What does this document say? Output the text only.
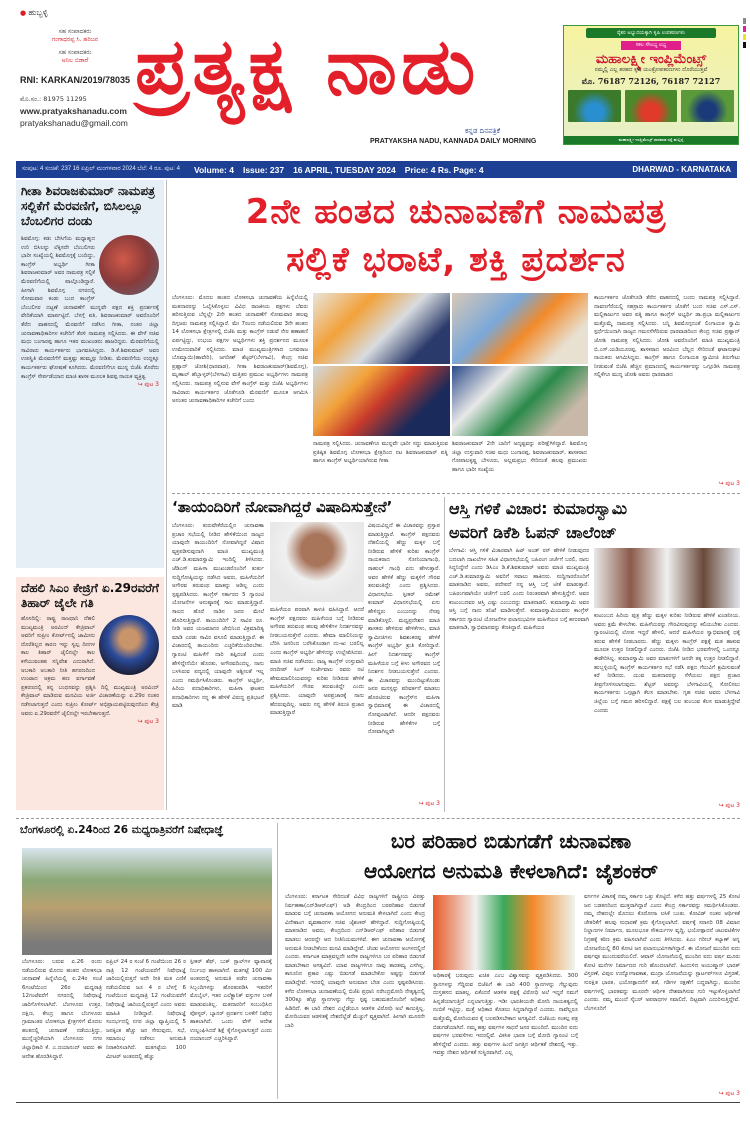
● ಹುಬ್ಬಳ್ಳಿ
ಸಹ ಸಂಪಾದಕರು
ಗಂಗಾಧರಪ್ಪ ಸಿ. ಹರಿಜನ
ಸಹ ಸಂಪಾದಕರು
ಅನಿಲ ಬಿಡಾರೆ
RNI: KARKAN/2019/78035
ಮೊ.ಸಂ.: 81975 11295
www.pratyakshanadu.com
pratyakshanadu@gmail.com
ಪ್ರತ್ಯಕ್ಷ ನಾಡು
ಕನ್ನಡ ದಿನಪತ್ರಿಕೆ
PRATYAKSHA NADU, KANNADA DAILY MORNING
ರೈತರ ಅಭ್ಯುದಯಕ್ಕಾಗಿ ಕೃಷಿ ಉಪಕರಣಗಳು
ಸಕಲ ಸೌಲಭ್ಯ ಲಭ್ಯ
ಮಹಾಲಕ್ಷ್ಮೀ ಇಂಪ್ಲಿಮೆಂಟ್ಸ್
ನಮ್ಮಲ್ಲಿ ಎಲ್ಲ ತರಹದ ಕೃಷಿ ಯಂತ್ರೋಪಕರಣಗಳು ದೊರೆಯುತ್ತವೆ
ಮೊ. 76187 72126, 76187 72127
ಮಹಾಲಕ್ಷ್ಮೀ ಇಂಪ್ಲಿಮೆಂಟ್ಸ್ ಧಾರವಾಡ ರಸ್ತೆ ಹುಬ್ಬಳ್ಳಿ
ಸಂಪುಟ: 4 ಸಂಚಿಕೆ: 237 16 ಏಪ್ರಿಲ್ ಮಂಗಳವಾರ 2024 ಬೆಲೆ: 4 ರೂ. ಪುಟ: 4 Volume: 4 Issue: 237 16 APRIL, TUESDAY 2024 Price: 4 Rs. Page: 4	DHARWAD - KARNATAKA
ಗೀತಾ ಶಿವರಾಜಕುಮಾರ್ ನಾಮಪತ್ರ ಸಲ್ಲಿಕೆಗೆ ಮೆರವಣಿಗೆ, ಬಿಸಿಲಲ್ಲೂ ಬೆಂಬಲಿಗರ ದಂಡು
ಶಿವಮೊಗ್ಗ: ಕಡು ಬೇಸಿಗೆಯ ಮಧ್ಯಾಹ್ನದ ಉರಿ ಬಿಸಿಲನ್ನು ಲೆಕ್ಕಿಸದೇ ಬೆಂಬಲಿಗರು ಭಾರೀ ಸಂಖ್ಯೆಯಲ್ಲಿ ಶಿವಮೊಗ್ಗಕ್ಕೆ ಬಂದಿದ್ದು, ಕಾಂಗ್ರೆಸ್ ಅಭ್ಯರ್ಥಿ ಗೀತಾ ಶಿವರಾಜಕುಮಾರ್ ಅವರ ನಾಮಪತ್ರ ಸಲ್ಲಿಕೆ ಮೆರವಣಿಗೆಯಲ್ಲಿ ಪಾಲ್ಗೊಂಡಿದ್ದಾರೆ. ಹೀಗಾಗಿ ಶಿವಮೊಗ್ಗ ನಗರದಲ್ಲಿ ಸೋಮವಾರ ಕಂಡು ಬಂದ ಕಾಂಗ್ರೆಸ್ ಬೆಂಬಲಿಗರ ದಟ್ಟಣೆ ಚುನಾವಣೆಗೆ ಮುನ್ನವೇ ಪಕ್ಷದ ಶಕ್ತಿ ಪ್ರದರ್ಶನಕ್ಕೆ ವೇದಿಕೆಯಾಗಿ ಮಾರ್ಪಟ್ಟಿದೆ. ಬೆಳಗ್ಗೆ ಪತಿ, ಶಿವರಾಜಕುಮಾರ್ ಅವರೊಂದಿಗೆ ತೆರೆದ ವಾಹನದಲ್ಲಿ ಮೆರವಣಿಗೆ ನಡೆಸಿದ ಗೀತಾ, ನಂತರ ಜಿಲ್ಲಾ ಚುನಾವಣಾಧಿಕಾರಿಗಳ ಕಚೇರಿಗೆ ತೆರಳಿ ನಾಮಪತ್ರ ಸಲ್ಲಿಸಿದರು. ಈ ವೇಳೆ ಸಚಿವ ಮಧು ಬಂಗಾರಪ್ಪ ಹಾಗೂ ಇತರ ಮುಖಂಡರು ಹಾಜರಿದ್ದರು. ಮೆರವಣಿಗೆಯಲ್ಲಿ ಸಾವಿರಾರು ಕಾರ್ಯಕರ್ತರು ಭಾಗವಹಿಸಿದ್ದರು. ಡಿ.ಕೆ.ಶಿವಕುಮಾರ್ ಅವರ ಉಪಸ್ಥಿತಿ ಮೆರವಣಿಗೆಗೆ ಮತ್ತಷ್ಟು ಹುಮ್ಮಸ್ಸು ನೀಡಿತು. ಮೆರವಣಿಗೆಯ ಉದ್ದಕ್ಕೂ ಕಾರ್ಯಕರ್ತರು ಘೋಷಣೆ ಕೂಗಿದರು. ಮೆರವಣಿಗೆಗೂ ಮುನ್ನ ಬಿಜೆಪಿ ತೊರೆದು ಕಾಂಗ್ರೆಸ್ ಸೇರ್ಪಡೆಯಾದ ಮಾಜಿ ಶಾಸಕ ಮೂಲಕ ಶಿವಪ್ಪ ನಾಯಕ ವ್ಯಕ್ತಿತ್ವ
↪ ಪುಟ 3
ದೆಹಲಿ ಸಿಎಂ ಕೇಜ್ರಿಗೆ ಏ.29ರವರೆಗೆ ತಿಹಾರ್ ಜೈಲೇ ಗತಿ
ಹೊಸದಿಲ್ಲಿ: ರಾಷ್ಟ್ರ ರಾಜಧಾನಿ ದೆಹಲಿ ಮುಖ್ಯಮಂತ್ರಿ ಅರವಿಂದ್ ಕೇಜ್ರಿವಾಲ್ ಅವರಿಗೆ ಸುಪ್ರೀಂ ಕೋರ್ಟ್‌ನಲ್ಲಿ ಜಾಮೀನು ದೊರೆತಿಲ್ಲದ ಕಾರಣ ಇನ್ನು ಸ್ವಲ್ಪ ದಿನಗಳ ಕಾಲ ತಿಹಾರ್ ಜೈಲಿನಲ್ಲೇ ಕಾಲ ಕಳೆಯುವಂತಹ ಸನ್ನಿವೇಶ ಎದುರಾಗಿದೆ. ಅಬಕಾರಿ ಅಬಕಾರಿ ನೀತಿ ಹಗರಣದಿಂದ ಉಂಟಾದ ಅಕ್ರಮ ಹಣ ವರ್ಗಾವಣೆ ಪ್ರಕರಣದಲ್ಲಿ ತನ್ನ ಬಂಧನವನ್ನು ಪ್ರಶ್ನಿಸಿ ದಿಲ್ಲಿ ಮುಖ್ಯಮಂತ್ರಿ ಅರವಿಂದ್ ಕೇಜ್ರಿವಾಲ್ ಮಾಡಿರುವ ಮನವಿಯ ಅರ್ಜಿ ವಿಚಾರಣೆಯನ್ನು ಏ.29ರ ನಂತರ ನಡೆಸಲಾಗುತ್ತದೆ ಎಂದು ಸುಪ್ರೀಂ ಕೋರ್ಟ್ ಅಭಿಪ್ರಾಯಪಟ್ಟಿರುವುದರಿಂದ ಕೇಜ್ರಿ ಅವರು ಏ.29ರವರೆಗೆ ಜೈಲಿನಲ್ಲೇ ಇರಬೇಕಾಗುತ್ತದೆ.
↪ ಪುಟ 3
2ನೇ ಹಂತದ ಚುನಾವಣೆಗೆ ನಾಮಪತ್ರ
ಸಲ್ಲಿಕೆ ಭರಾಟೆ, ಶಕ್ತಿ ಪ್ರದರ್ಶನ
ಬೆಂಗಳೂರು: ಮೊದಲ ಹಂತದ ಲೋಕಸಭಾ ಚುನಾವಣೆಯ ಹಿನ್ನೆಲೆಯಲ್ಲಿ ಮತದಾರರನ್ನು ಓಲೈಸಿಕೊಳ್ಳಲು ವಿವಿಧ ರಾಜಕೀಯ ಪಕ್ಷಗಳು ಬೆವರು ಹರಿಸುತ್ತಿರುವ ಬೆನ್ನಲ್ಲೇ 2ನೇ ಹಂತದ ಚುನಾವಣೆಗೆ ಸೋಮವಾರ ಹಲವು ದಿಗ್ಗಜರು ನಾಮಪತ್ರ ಸಲ್ಲಿಸಿದ್ದಾರೆ. ಮೇ 7ರಂದು ನಡೆಯಲಿರುವ 3ನೇ ಹಂತದ 14 ಲೋಕಸಭಾ ಕ್ಷೇತ್ರಗಳಲ್ಲಿ ಬಿಜೆಪಿ ಮತ್ತು ಕಾಂಗ್ರೆಸ್ ನಡುವೆ ನೇರ ಹಣಾಹಣಿ ಏರ್ಪಟ್ಟಿದ್ದು, ಉಭಯ ಪಕ್ಷಗಳ ಅಭ್ಯರ್ಥಿಗಳು ಶಕ್ತಿ ಪ್ರದರ್ಶನದ ಮೂಲಕ ಉಮೇದುವಾರಿಕೆ ಸಲ್ಲಿಸಿದರು. ಮಾಜಿ ಮುಖ್ಯಮಂತ್ರಿಗಳಾದ ಬಸವರಾಜ ಬೊಮ್ಮಾಯಿ(ಹಾವೇರಿ), ಜಗದೀಶ್ ಶೆಟ್ಟರ್(ಬೆಳಗಾವಿ), ಕೇಂದ್ರ ಸಚಿವ ಪ್ರಹ್ಲಾದ್ ಜೋಶಿ(ಧಾರವಾಡ), ಗೀತಾ ಶಿವರಾಜಕುಮಾರ್(ಶಿವಮೊಗ್ಗ), ಮೃಣಾಲ್ ಹೆಬ್ಬಾಳ್ಕರ್(ಬೆಳಗಾವಿ) ಮತ್ತಿತರ ಪ್ರಮುಖ ಅಭ್ಯರ್ಥಿಗಳು ನಾಮಪತ್ರ ಸಲ್ಲಿಸಿದರು. ನಾಮಪತ್ರ ಸಲ್ಲಿಸುವ ವೇಳೆ ಕಾಂಗ್ರೆಸ್ ಮತ್ತು ಬಿಜೆಪಿ ಅಭ್ಯರ್ಥಿಗಳು ಸಾವಿರಾರು ಕಾರ್ಯಕರ್ತರ ಜೊತೆಗೂಡಿ ಮೆರವಣಿಗೆ ಮೂಲಕ ಆಗಮಿಸಿ ಅನಂತರ ಚುನಾವಣಾಧಿಕಾರಿಗಳ ಕಚೇರಿಗೆ ಬಂದು
ನಾಮಪತ್ರ ಸಲ್ಲಿಸಿದರು. ಚುನಾವಣೆಗೂ ಮುನ್ನವೇ ಭಾರೀ ಸದ್ದು ಮಾಡುತ್ತಿರುವ ಪ್ರತಿಷ್ಠಿತ ಶಿವಮೊಗ್ಗ ಲೋಕಸಭಾ ಕ್ಷೇತ್ರದಿಂದ ನಟ ಶಿವರಾಜಕುಮಾರ್ ಪತ್ನಿ ಹಾಗೂ ಕಾಂಗ್ರೆಸ್ ಅಭ್ಯರ್ಥಿಯಾಗಿರುವ ಗೀತಾ
ಶಿವರಾಜಕುಮಾರ್ 2ನೇ ಬಾರಿಗೆ ಅದೃಷ್ಟವನ್ನು ಪರೀಕ್ಷೆಗಿಳಿದ್ದಾರೆ. ಶಿವಮೊಗ್ಗ ಜಿಲ್ಲಾ ಉಸ್ತುವಾರಿ ಸಚಿವ ಮಧು ಬಂಗಾರಪ್ಪ, ಶಿವರಾಜಕುಮಾರ್, ಶಾಸಕರಾದ ಗೋಪಾಲಕೃಷ್ಣ ಬೇಳೂರು, ಅಲ್ಲಮಪ್ರಭು ಸೇರಿದಂತೆ ಹಲವು ಪ್ರಮುಖರು ಹಾಗೂ ಭಾರೀ ಸಂಖ್ಯೆಯ
ಕಾರ್ಯಕರ್ತರ ಜೊತೆಗೂಡಿ ತೆರೆದ ವಾಹನದಲ್ಲಿ ಬಂದು ನಾಮಪತ್ರ ಸಲ್ಲಿಸಿದ್ದಾರೆ. ದಾವಣಗೆರೆಯಲ್ಲಿ ಸಹಸ್ರಾರು ಕಾರ್ಯಕರ್ತರ ಜೊತೆಗೆ ಬಂದ ಸಚಿವ ಎಸ್.ಎಸ್. ಮಲ್ಲಿಕಾರ್ಜುನ ಅವರ ಪತ್ನಿ ಹಾಗೂ ಕಾಂಗ್ರೆಸ್ ಅಭ್ಯರ್ಥಿ ಡಾ.ಪ್ರಭಾ ಮಲ್ಲಿಕಾರ್ಜುನ ಮತ್ತೊಮ್ಮೆ ನಾಮಪತ್ರ ಸಲ್ಲಿಸಿದರು. ಬನ್ನಿ ಶಿವಮೊಗ್ಗದಂತೆ ಲಿಂಗಾಯತ ಸ್ವಾಮಿ ಸ್ಪರ್ಧೆಯಿಂದಾಗಿ ರಾಜ್ಯದ ಗಮನಸೆಳೆದಿರುವ ಧಾರವಾಡದಿಂದ ಕೇಂದ್ರ ಸಚಿವ ಪ್ರಹ್ಲಾದ್ ಜೋಶಿ ನಾಮಪತ್ರ ಸಲ್ಲಿಸಿದರು. ಜೋಶಿ ಅವರೊಂದಿಗೆ ಮಾಜಿ ಮುಖ್ಯಮಂತ್ರಿ ಬಿ.ಎಸ್.ಯಡಿಯೂರಪ್ಪ, ಶಾಸಕರಾದ ಅರವಿಂದ ಬೆಲ್ಲದ ಸೇರಿದಂತೆ ಘಟಾನುಘಟಿ ನಾಯಕರು ಆಗಮಿಸಿದ್ದರು. ಕಾಂಗ್ರೆಸ್ ಹಾಗೂ ಲಿಂಗಾಯತ ಸ್ವಾಮೀಜಿ ತಿರುಗೇಟು ನೀಡುವಂತೆ ಬಿಜೆಪಿ ಹೆಚ್ಚಿನ ಪ್ರಮಾಣದಲ್ಲಿ ಕಾರ್ಯಕರ್ತರನ್ನು ಒಗ್ಗೂಡಿಸಿ ನಾಮಪತ್ರ ಸಲ್ಲಿಕೆಗೂ ಮುನ್ನ ಜೋಶಿ ಅವರು ಧಾರವಾಡದ
↪ ಪುಟ 3
‘ತಾಯಂದಿರಿಗೆ ನೋವಾಗಿದ್ದರೆ ವಿಷಾದಿಸುತ್ತೇನೆ’
ಬೆಂಗಳೂರು: ತುರುವೇಕೆರೆಯಲ್ಲಿನ ಚುನಾವಣಾ ಪ್ರಚಾರ ಸಭೆಯಲ್ಲಿ ನೀಡಿದ ಹೇಳಿಕೆಯಿಂದ ರಾಜ್ಯದ ಯಾವುದೇ ತಾಯಂದಿರಿಗೆ ನೋವಾಗಿದ್ದರೆ ವಿಷಾದ ವ್ಯಕ್ತಪಡಿಸುವುದಾಗಿ ಮಾಜಿ ಮುಖ್ಯಮಂತ್ರಿ ಎಚ್.ಡಿ.ಕುಮಾರಸ್ವಾಮಿ ಇಂದಿಲ್ಲಿ ತಿಳಿಸಿದರು. ಜೆಡಿಎಸ್ ಮಹಿಳಾ ಮುಖಂಡರೊಂದಿಗೆ ತುರ್ತು ಸುದ್ದಿಗೋಷ್ಠಿಯನ್ನು ನಡೆಸಿದ ಅವರು, ಮಹಿಳೆಯರಿಗೆ ಅಗೌರವ ತರುವಂಥ ಮಾತನ್ನು ಆಡಿಲ್ಲ ಎಂದು ಸ್ಪಷ್ಟಪಡಿಸಿದರು. ಕಾಂಗ್ರೆಸ್ ಸರ್ಕಾರದ 5 ಗ್ಯಾರಂಟಿ ಯೋಜನೆಗಳ ಅನುಷ್ಠಾನಕ್ಕೆ ಸಾಲ ಮಾಡುತ್ತಿದ್ದಾರೆ. ಸಾಲದ ಹೊರೆ ನಾಡಿನ ಜನರ ಮೇಲೆ ಹೊರಿಸುತ್ತಿದ್ದಾರೆ. ತಾಯಂದಿರಿಗೆ 2 ಸಾವಿರ ರೂ. ನೀಡಿ ಅವರ ಯಜಮಾನರ ಜೇಬಿನಿಂದ ವಿಕ್ರಮಾದಿತ್ಯ ಮಾಡಿ ಎರಡು ಸಾವಿರ ವಸೂಲಿ ಮಾಡುತ್ತಿದ್ದಾರೆ. ಈ ವಿಚಾರದಲ್ಲಿ ತಾಯಂದಿರು ಎಚ್ಚರಿಕೆಯಿಂದಿರಬೇಕು. ಗ್ಯಾರಂಟಿ ಮಹಿಳೆಗೆ ದಾರಿ ತಪ್ಪಿದಂತೆ ಎಂದು ಹೇಳಿದ್ದೇನೆಯೇ ಹೊರತು, ಅಗೌರವದಿಂದಲ್ಲ. ನಾನು ಬಳಸಿರುವ ಪದ್ಯದಲ್ಲಿ ಯಾವುದೇ ಅಶ್ಲೀಲತೆ ಇಲ್ಲ ಎಂದು ಸಮರ್ಥಿಸಿಕೊಂಡರು. ಕಾಂಗ್ರೆಸ್ ಅಭ್ಯರ್ಥಿ, ಹಿರಿಯ ಪದಾಧಿಕಾರಿಗಳು, ಮಹಿಳಾ ಘಟಕದ ಪದಾಧಿಕಾರಿಗಳು ನನ್ನ ಈ ಹೇಳಿಕೆ ವಿರುದ್ಧ ಪ್ರತಿಭಟನೆ ಮಾಡಿ
ಮಹಿಳೆಯರ ಪರವಾಗಿ ಕಾಳಜಿ ವಹಿಸಿದ್ದಾರೆ. ಆದರೆ ಕಾಂಗ್ರೆಸ್ ಪಕ್ಷದವರು ಮಹಿಳೆಯರ ಬಗ್ಗೆ ನೀಡಿರುವ ಅಗೌರವ ತರುವಂಥ ಹಲವು ಹೇಳಿಕೆಗಳ ನಿದರ್ಶನವನ್ನು ನೀಡಬಯಸುತ್ತೇನೆ ಎಂದರು. ಹೇಮಾ ಮಾಲಿನಿಯನ್ನು ಬೆರಿಸಿ ಜನರಿಂದ ಬರೆಸಿಕೊಂಡಾಗ ದು-ಃಖ ಬರಲಿಲ್ಲ ಎಂದು ಕಾಂಗ್ರೆಸ್ ಅಭ್ಯರ್ಥಿ ಹೇಳಿದನ್ನು ಉಲ್ಲೇಖಿಸಿದರು. ಮಾಜಿ ಸಚಿವ ನಡೆಸಿದರು. ರಾಜ್ಯ ಕಾಂಗ್ರೆಸ್ ಉಸ್ತುವಾರಿ ರಣದೀಪ್ ಸಿಂಗ್ ಸುರ್ಜೇವಾಲ ರವರು ನಟಿ ಹೇಮಮಾಲಿನಿಯವರನ್ನು ಕುರಿತು ನೀಡಿರುವ ಹೇಳಿಕೆ ಮಹಿಳೆಯರಿಗೆ ಗೌರವ ತರುವಂತಿದ್ದೇ ಎಂದು ಪ್ರಶ್ನಿಸಿದರು. ಯಾವುದೇ ಅಪಪ್ರಚಾರಕ್ಕೆ ನಾನು ಹೆದರುವುದಿಲ್ಲ. ಅವರು ನನ್ನ ಹೇಳಿಕೆ ತಿರುಚಿ ಪ್ರಚಾರ ಮಾಡುತ್ತಿದ್ದಾರೆ
ವಿಷಯವಿಲ್ಲದೆ ಈ ವಿಚಾರವನ್ನು ಪ್ರಸ್ತಾಪ ಮಾಡುತ್ತಿದ್ದಾರೆ. ಕಾಂಗ್ರೆಸ್ ಪಕ್ಷದವರು ದೆಹಲಿಯಲ್ಲಿ ಹೆಣ್ಣು ಮಕ್ಕಳ ಬಗ್ಗೆ ನೀಡಿರುವ ಹೇಳಿಕೆ ಕುರಿತು ಕಾಂಗ್ರೆಸ್ ನಾಯಕರಾದ ಸೋನಿಯಾಗಾಂಧಿ, ರಾಹುಲ್ ಗಾಂಧಿ ಏನು ಹೇಳುತ್ತಾರೆ. ಅವರ ಹೇಳಿಕೆ ಹೆಣ್ಣು ಮಕ್ಕಳಿಗೆ ಗೌರವ ತರುವಂತಿದ್ದೇ ಎಂದು ಪ್ರಶ್ನಿಸಿದರು. ವಿಧಾನಸಭೆಯ ಸ್ಪೀಕರ್ ರಮೇಶ್ ಕುಮಾರ್ ವಿಧಾನಸಭೆಯಲ್ಲಿ ಏನು ಹೇಳಿದ್ದರು ಎಂಬುದನ್ನು ನೆನಪು ಮಾಡಿಕೊಳ್ಳಲಿ. ಮಧ್ಯಪ್ರದೇಶದ ಮಾಜಿ ಶಾಸಕರು ಹೇಳಿರುವ ಹೇಳಿಕೆಗಳು, ಮಾಜಿ ಸ್ವಾಮೀಜಿಗಳು ಶಿವಶಂಕರಪ್ಪ ಹೇಳಿಕೆ ಕಾಂಗ್ರೆಸ್ ಅಭ್ಯರ್ಥಿ ಶ್ರುತಿ ಕೋರಿದ್ದಾರೆ. ಹೀಗೆ ನಿದರ್ಶನವನ್ನು ಕಾಂಗ್ರೆಸ್ ಮಹಿಳೆಯರ ಬಗ್ಗೆ ಕೀಳು ಅಗೌರವದ ಬಗ್ಗೆ ನಿದರ್ಶನ ನೀಡಬಯಸುತ್ತೇನೆ ಎಂದರು. ಈ ವಿಚಾರವನ್ನು ಮುಂದಿಟ್ಟುಕೊಂಡು ಜನರ ಮನಸ್ಸನ್ನು ಪರಿವರ್ತನೆ ಮಾಡಲು ಹೊರಟಿರುವ ಕಾಂಗ್ರೆಸ್‌ನ ಮಹಿಳಾ ಸ್ವಾಭಿಮಾನಕ್ಕೆ ಈ ವಿಚಾರದಲ್ಲಿ ನೋವುಂಟಾಗಿದೆ. ಆದರೀ ಪಕ್ಷದವರು ನೀಡಿರುವ ಹೇಳಿಕೆಗಳ ಬಗ್ಗೆ ನೋವಾಗಿಲ್ಲವೇ
↪ ಪುಟ 3
ಆಸ್ತಿ ಗಳಿಕೆ ವಿಚಾರ: ಕುಮಾರಸ್ವಾಮಿ
ಅವರಿಗೆ ಡಿಕೆಶಿ ಓಪನ್ ಚಾಲೆಂಜ್
ಬೆಳಗಾವಿ: ಆಸ್ತಿ ಗಳಿಕೆ ವಿಚಾರವಾಗಿ ಹಿಟ್ ಅಂಡ್ ರನ್ ಹೇಳಿಕೆ ನೀಡುವುದರ ಬದಲಾಗಿ ದಾಖಲೆಗಳ ಸಹಿತ ವಿಧಾನಸಭೆಯಲ್ಲಿ ಬಹಿರಂಗ ಚರ್ಚೆಗೆ ಬರಲಿ, ನಾನು ಸಿದ್ಧನಿದ್ದೇನೆ ಎಂದು ಡಿಸಿಎಂ ಡಿ.ಕೆ.ಶಿವಕುಮಾರ್ ಅವರು ಮಾಜಿ ಮುಖ್ಯಮಂತ್ರಿ ಎಚ್.ಡಿ.ಕುಮಾರಸ್ವಾಮಿ ಅವರಿಗೆ ಸವಾಲು ಹಾಕಿದರು. ಸುದ್ದಿಗಾರರೊಂದಿಗೆ ಮಾತನಾಡಿದ ಅವರು, ಪದೇಪದೆ ನನ್ನ ಆಸ್ತಿ ಬಗ್ಗೆ ಟೀಕೆ ಮಾಡುತ್ತಾರೆ. ಬಹಿರಂಗವಾಗಿಯೇ ಚರ್ಚೆಗೆ ಬರಲಿ ಎಂದು ನಿರಂತರವಾಗಿ ಹೇಳುತ್ತಿದ್ದೇನೆ. ಅವರ ಕುಟುಂಬದವರ ಆಸ್ತಿ ಎಷ್ಟು ಎಂಬುದನ್ನು ಮಾತನಾಡಲಿ. ಕುಮಾರಸ್ವಾಮಿ ಅವರ ಆಸ್ತಿ ಬಗ್ಗೆ ನಾನು ತನಿಖೆ ಮಾಡಿಸುತ್ತೇನೆ. ಕುಮಾರಸ್ವಾಮಿಯವರು ಕಾಂಗ್ರೆಸ್ ಸರ್ಕಾರದ ಗ್ಯಾರಂಟಿ ಯೋಜನೆಗಳ ಫಲಾನುಭವಿಗಳ ಮಹಿಳೆಯರ ಬಗ್ಗೆ ಹಗುರವಾಗಿ ಮಾತನಾಡಿ, ಸ್ವಾಭಿಮಾನವನ್ನು ಕೆಣಕಿದ್ದಾರೆ. ಮಹಿಳೆಯರ
ಕುಟುಂಬದ ಹಿರಿಯ ಪುತ್ರ ಹೆಣ್ಣು ಮಕ್ಕಳ ಕುರಿತು ನೀಡಿರುವ ಹೇಳಿಕೆ ಖಂಡನೀಯ. ಅವರು ಕ್ಷಮೆ ಕೇಳಬೇಕು. ಮಹಿಳೆಯರನ್ನು ಗೌರವಿಸುವುದನ್ನು ಕಲಿಯಬೇಕು ಎಂದರು. ಗ್ಯಾರಂಟಿಯಲ್ಲಿ ಲೋಪ ಇದ್ದರೆ ಹೇಳಲಿ, ಆದರೆ ಮಹಿಳೆಯರ ಸ್ವಾಭಿಮಾನಕ್ಕೆ ಧಕ್ಕೆ ತರುವ ಹೇಳಿಕೆ ನೀಡಬಾರದು. ಹೆಣ್ಣು ಮಕ್ಕಳು ಕಾಂಗ್ರೆಸ್ ಪಕ್ಷಕ್ಕೆ ಮತ ಹಾಕುವ ಮೂಲಕ ಉತ್ತರ ನೀಡಲಿದ್ದಾರೆ ಎಂದರು. ಬಿಜೆಪಿ ನೀಡಿದ ಭರವಸೆಗಳಲ್ಲಿ ಒಂದನ್ನೂ ಈಡೇರಿಸಿಲ್ಲ. ಕುಮಾರಸ್ವಾಮಿ ಅವರ ಮಾತುಗಳಿಗೆ ಜನರೇ ತಕ್ಕ ಉತ್ತರ ನೀಡಲಿದ್ದಾರೆ. ಹುಬ್ಬಳ್ಳಿಯಲ್ಲಿ ಕಾಂಗ್ರೆಸ್ ಕಾರ್ಯಕರ್ತರ ಸಭೆ ನಡೆಸಿ ಪಕ್ಷದ ಗೆಲುವಿಗೆ ಶ್ರಮಿಸುವಂತೆ ಕರೆ ನೀಡಿದರು. ಯುವ ಮತದಾರರನ್ನು ಸೆಳೆಯಲು ಪಕ್ಷದ ಪ್ರಚಾರ ತೀವ್ರಗೊಳಿಸಲಾಗುವುದು. ಶೆಟ್ಟರ್ ಅವರನ್ನು ಬೆಳಗಾವಿಯಲ್ಲಿ ಸೋಲಿಸಲು ಕಾರ್ಯಕರ್ತರು ಒಗ್ಗಟ್ಟಾಗಿ ಕೆಲಸ ಮಾಡಬೇಕು. ಗೃಹ ಸಚಿವ ಅವರು ಬೆಳಗಾವಿ ಜಿಲ್ಲೆಯ ಬಗ್ಗೆ ಗಮನ ಹರಿಸಲಿದ್ದಾರೆ. ಪಕ್ಷಕ್ಕೆ ಬಲ ತುಂಬುವ ಕೆಲಸ ಮಾಡುತ್ತಿದ್ದೇವೆ ಎಂದರು
↪ ಪುಟ 3
ಬೆಂಗಳೂರಲ್ಲಿ ಏ.24ರಿಂದ 26 ಮಧ್ಯರಾತ್ರಿವರೆಗೆ ನಿಷೇಧಾಜ್ಞೆ
ಬೆಂಗಳೂರು: ಬರುವ ಏ.26 ರಂದು ನಡೆಯಲಿರುವ ಮೊದಲ ಹಂತದ ಲೋಕಸಭಾ ಚುನಾವಣೆ ಹಿನ್ನೆಲೆಯಲ್ಲಿ ಏ.24ರ ಸಂಜೆ 6ಗಂಟೆಯಿಂದ 26ರ ಮಧ್ಯರಾತ್ರಿ 12ಗಂಟೆವರೆಗೆ ನಗರದಲ್ಲಿ ನಿಷೇಧಾಜ್ಞೆ ಜಾರಿಗೊಳಿಸಲಾಗಿದೆ. ಬೆಂಗಳೂರು ಉತ್ತರ, ದಕ್ಷಿಣ, ಕೇಂದ್ರ ಹಾಗೂ ಬೆಂಗಳೂರು ಗ್ರಾಮಾಂತರ ಲೋಕಸಭಾ ಕ್ಷೇತ್ರಗಳಿಗೆ ಮೊದಲ ಹಂತದಲ್ಲಿ ಚುನಾವಣೆ ನಡೆಯುತ್ತಿದ್ದು, ಮುನ್ನೆಚ್ಚರಿಕೆಯಾಗಿ ಬೆಂಗಳೂರು ನಗರ ಜಿಲ್ಲಾಧಿಕಾರಿ ಕೆ. ಎ.ದಯಾನಂದ್ ಅವರು ಈ ಆದೇಶ ಹೊರಡಿಸಿದ್ದಾರೆ.
ಏಪ್ರಿಲ್ 24 ರ ಸಂಜೆ 6 ಗಂಟೆಯಿಂದ 26 ರ ರಾತ್ರಿ 12 ಗಂಟೆಯವರೆಗೆ ನಿಷೇಧಾಜ್ಞೆ ಜಾರಿಯಲ್ಲಿರುತ್ತದೆ ಅದೇ ರೀತಿ ಮತ ಎಣಿಕೆ ನಡೆಯಲಿರುವ ಜೂ 4 ರ ಬೆಳಗ್ಗೆ 6 ಗಂಟೆಯಿಂದ ಮಧ್ಯರಾತ್ರಿ 12 ಗಂಟೆಯವರೆಗೆ ನಿಷೇಧಾಜ್ಞೆ ಜಾರಿಯಲ್ಲಿರುತ್ತದೆ ಎಂದು ಅವರು ಮಾಹಿತಿ ನೀಡಿದ್ದಾರೆ. ನಿಷೇಧಾಜ್ಞೆ ಸಂದರ್ಭದಲ್ಲಿ ನಗರ ಜಿಲ್ಲಾ ವ್ಯಾಪ್ತಿಯಲ್ಲಿ 5 ಜನಕ್ಕಿಂತ ಹೆಚ್ಚು ಜನ ಸೇರುವುದು, ಸಭೆ, ಸಮಾರಂಭ ನಡೆಸಲು ಅನುಮತಿ ನಿರಾಕರಿಸಲಾಗಿದೆ. ಮತಗಟ್ಟೆಯ 100 ಮೀಟರ್ ಅಂತರದಲ್ಲಿ ಹೆಚ್ಚು
ಸ್ಪೀಕರ್ ಶೆಫ್, ಬುಕ್ ಸ್ಟಾಲ್‌ಗಳ ವ್ಯಾಪಾರಕ್ಕೆ ನಿರ್ಬಂಧ ಹಾಕಲಾಗಿದೆ. ಮತಗಟ್ಟೆ 100 ಮೀ ಅಂತರದಲ್ಲಿ ಅನುಮತಿ ಪಡೆದ ಚುನಾವಣಾ ಸಿಬ್ಬಂದಿಗಳನ್ನು ಹೊರತುಪಡಿಸಿ ಇತರರಿಗೆ ಮೊಬೈಲ್, ಇತರ ಎಲೆಕ್ಟ್ರಾನಿಕ್ ವಸ್ತುಗಳ ಬಳಕೆ ಮಾಡುವಂತಿಲ್ಲ. ಮತದಾರರಿಗೆ ಸಂಬಂಧಿಸಿದ ಪೋಸ್ಟರ್, ಬ್ಯಾನರ್ ಪ್ರದರ್ಶನ ಬಳಕೆಗೆ ನಿಷೇಧ ಹಾಕಲಾಗಿದೆ. ಒಂದು ವೇಳೆ ಆದೇಶ ಉಲ್ಲಂಘಿಸಿದರೆ ಶಿಕ್ಷೆ ಕೈಗೊಳ್ಳಲಾಗುತ್ತದೆ ಎಂದು ದಯಾನಂದ್ ಎಚ್ಚರಿಸಿದ್ದಾರೆ.
ಬರ ಪರಿಹಾರ ಬಿಡುಗಡೆಗೆ ಚುನಾವಣಾ
ಆಯೋಗದ ಅನುಮತಿ ಕೇಳಲಾಗಿದೆ: ಜೈಶಂಕರ್
ಬೆಂಗಳೂರು: ಕರ್ನಾಟಕ ಸೇರಿದಂತೆ ವಿವಿಧ ರಾಜ್ಯಗಳಿಗೆ ರಾಷ್ಟ್ರೀಯ ವಿಪತ್ತು ನಿರ್ವಹಣಾ(ಎನ್‌ಡಿಆರ್‌ಎಫ್) ಅಡಿ ಕೇಂದ್ರದಿಂದ ಬರಪರಿಹಾರ ಬಿಡುಗಡೆ ಮಾಡುವ ಬಗ್ಗೆ ಚುನಾವಣಾ ಆಯೋಗದ ಅನುಮತಿ ಕೇಳಲಾಗಿದೆ ಎಂದು ಕೇಂದ್ರ ವಿದೇಶಾಂಗ ವ್ಯವಹಾರಗಳ ಸಚಿವ ಜೈಶಂಕರ್ ಹೇಳಿದ್ದಾರೆ. ಸುದ್ದಿಗೋಷ್ಠಿಯಲ್ಲಿ ಮಾತನಾಡಿದ ಅವರು, ಕೇಂದ್ರದಿಂದ ಎನ್‌ಡಿಆರ್‌ಎಫ್ ಪರಿಹಾರ ಬಿಡುಗಡೆ ಮಾಡಲು ಆದರದ್ದೇ ಆದ ನೀತಿನಿಯಮಗಳಿವೆ. ಈಗ ಚುನಾವಣಾ ಆಯೋಗಕ್ಕೆ ಅನುಮತಿ ನೀಡಬೇಕೆಂದು ಮನವಿ ಮಾಡಿದ್ದೇವೆ. ಚೆಂಡು ಆಯೋಗದ ಅಂಗಳದಲ್ಲಿದೆ ಎಂದರು. ಕರ್ನಾಟಕ ಮಾತ್ರವಲ್ಲದೇ ಅನೇಕ ರಾಜ್ಯಗಳಿಗೂ ಬರ ಪರಿಹಾರ ಬಿಡುಗಡೆ ಮಾಡಬೇಕಾದ ಅಗತ್ಯವಿದೆ. ಯಾವ ರಾಜ್ಯಗಳಿಗೂ ನಾವು ತಾರತಮ್ಯ ಎಸಗಿಲ್ಲ. ಕಾನೂನಿನ ಪ್ರಕಾರ ಎಷ್ಟು ಬಿಡುಗಡೆ ಮಾಡಬೇಕೋ ಅಷ್ಟನ್ನು ಬಿಡುಗಡೆ ಮಾಡಿದ್ದೇವೆ. ಇದರಲ್ಲಿ ಯಾವುದೇ ಅನುಮಾನ ಬೇಡ ಎಂದು ಸ್ಪಷ್ಟಪಡಿಸಿದರು. ಕಳೆದ ಲೋಕಸಭಾ ಚುನಾವಣೆಯಲ್ಲಿ ಬಿಜೆಪಿ ಪ್ರಧಾನಿ ನರೇಂದ್ರಮೋದಿ ನೇತೃತ್ವದಲ್ಲಿ 300ಕ್ಕೂ ಹೆಚ್ಚು ಸ್ಥಾನಗಳನ್ನು ಗೆದ್ದು ಸ್ಪಷ್ಟ ಬಹುಮತದೊಂದಿಗೆ ಅಧಿಕಾರ ಹಿಡಿದಿದೆ. ಈ ಬಾರಿ ದೇಶದ ಎಲ್ಲೆಡೆಯೂ ಆಡಳಿತ ವಿರೋಧಿ ಅಲೆ ಕಾಣುತ್ತಿಲ್ಲ. ಮೋದಿಯವರ ಆಡಳಿತಕ್ಕೆ ದೇಶದೆಲ್ಲೆಡೆ ಮೆಚ್ಚುಗೆ ವ್ಯಕ್ತವಾಗಿದೆ. ಹೀಗಾಗಿ ಮೂರನೇ ಬಾರಿ
ಅಧಿಕಾರಕ್ಕೆ ಬರುವುದು ಖಚಿತ ಎಂಬ ವಿಶ್ವಾಸವನ್ನು ವ್ಯಕ್ತಪಡಿಸಿದರು. 300 ಸ್ಥಾನಗಳನ್ನು ಗೆದ್ದಿರುವ ಬಿಜೆಪಿಗೆ ಈ ಬಾರಿ 400 ಸ್ಥಾನಗಳನ್ನು ಗೆಲ್ಲುವುದು ದುಸ್ತಹಸದ ಮಾತಲ್ಲ. ಏಕೆಂದರೆ ಆಡಳಿತ ಪಕ್ಷಕ್ಕೆ ವಿರೋಧಿ ಅಲೆ ಇದ್ದರೆ ನಮಗೆ ಹಿನ್ನಡೆಯಾಗುತ್ತಿದೆ ಎನ್ನಲಾಗುತ್ತಿತ್ತು. ಇಡೀ ಭಾರತೀಯರೇ ಮೋದಿ ನಾಯಕತ್ವದಲ್ಲಿ ನಂಬಿಕೆ ಇಟ್ಟಿದ್ದು, ಮತ್ತೆ ಅಧಿಕಾರ ಕೊಡಲು ಸಿದ್ಧರಾಗಿದ್ದಾರೆ ಎಂದರು. ನಾವೆಲ್ಲರೂ ಮತ್ತೊಮ್ಮೆ ಮೋದಿಯವರ ಕೈ ಬಲಪಡಿಸಬೇಕಾದ ಅಗತ್ಯವಿದೆ. ಬಿಜೆಪಿಯ ಸಂಕಲ್ಪ ಪತ್ರ ಬಿಡುಗಡೆಯಾಗಿದೆ. ನಮ್ಮ ಹತ್ತು ವರ್ಷಗಳ ಸಾಧನೆ ಜನರ ಮುಂದಿದೆ. ಮುಂದಿನ ಐದು ವರ್ಷಗಳ ಭರವಸೆಗಳು ಇದರಲ್ಲಿವೆ. ವಿಕಸಿತ ಭಾರತ ಬಗ್ಗೆ ಮೋದಿ ಗ್ಯಾರಂಟಿ ಬಗ್ಗೆ ಹೇಳಿದ್ದೇವೆ ಎಂದರು. ಹತ್ತು ವರ್ಷಗಳ ಹಿಂದೆ ಜಗತ್ತಿನ ಆರ್ಥಿಕತೆ ದೇಶದಲ್ಲಿ ಇತ್ತು. ಇವತ್ತು ದೇಶದ ಆರ್ಥಿಕತೆ ಸುಸ್ಥಿರವಾಗಿದೆ. ಎಲ್ಲ
ವರ್ಗಗಳ ವಿಕಾಸಕ್ಕೆ ನಮ್ಮ ಸರ್ಕಾರ ಒತ್ತು ಕೊಟ್ಟಿದೆ. ಕಳೆದ ಹತ್ತು ವರ್ಷಗಳಲ್ಲಿ 25 ಕೋಟಿ ಜನ ಬಡತನದಿಂದ ಮುಕ್ತರಾಗಿದ್ದಾರೆ ಎಂದು ಕೇಂದ್ರ ಸರ್ಕಾರವನ್ನು ಸಮರ್ಥಿಸಿಕೊಂಡರು. ನಮ್ಮ ದೇಶದಲ್ಲೇ ಮೊದಲು ಕೊರೋನಾ ಲಸಿಕೆ ಬಂತು. ಕೋವಿಡ್ ನಂತರ ಆರ್ಥಿಕತೆ ಚೇತರಿಕೆಗೆ ಹಲವು ಸುಧಾರಣೆ ಕ್ರಮ ಕೈಗೊಳ್ಳಲಾಗಿದೆ. ವರ್ಷಕ್ಕೆ ಸರಾಸರಿ 08 ವಿಮಾನ ನಿಲ್ದಾಣಗಳ ನಿರ್ಮಾಣ, ಮೂಲಭೂತ ಸೌಕರ್ಯಗಳ ವೃದ್ಧಿ, ಭಯೋತ್ಪಾದನೆ ಚಟುವಟಿಕೆಗಳ ನಿಗ್ರಹಕ್ಕೆ ಕಠಿಣ ಕ್ರಮ ವಹಿಸಲಾಗಿದೆ ಎಂದು ತಿಳಿಸಿದರು. ಪಿಎಂ ಗರೀಬ್ ಕಲ್ಯಾಣ್ ಅನ್ನ ಯೋಜನೆಯಲ್ಲಿ 80 ಕೋಟಿ ಜನ ಫಲಾನುಭವಿಗಳಾಗಿದ್ದಾರೆ. ಈ ಯೋಜನೆ ಮುಂದಿನ ಐದು ವರ್ಷವೂ ಮುಂದುವರೆಯಲಿದೆ. ಆವಾಸ್ ಯೋಜನೆಯಲ್ಲಿ ಮುಂದಿನ ಐದು ವರ್ಷ ಮೂರು ಕೋಟಿ ಮನೆಗಳ ನಿರ್ಮಾಣದ ಗುರಿ ಹೊಂದಲಾಗಿದೆ. ಹಿಂದುಳಿದ ಅಯುಷ್ಮಾನ್ ಭಾರತ್ ವಿಸ್ತರಣೆ, ವಿಪುಲ ಉದ್ಯೋಗಾವಕಾಶ, ಮುದ್ರಾ ಯೋಜನೆಯನ್ನು ಸ್ಟಾರ್ಟಪ್‌ಗಳೂ ವಿಸ್ತರಣೆ, ಸುರಕ್ಷಿತ ಭಾರತ, ಭಯೋತ್ಪಾದನೆಗೆ ತಡೆ, ಗಡಿಗಳ ರಕ್ಷಣೆಗೆ ಬದ್ಧರಾಗಿದ್ದು, ಮುಂದಿನ ವರ್ಷಗಳಲ್ಲಿ ಭಾರತವನ್ನು ಮೂರನೇ ಆರ್ಥಿಕ ದೇಶವಾಗಿಸುವ ಗುರಿ ಇಟ್ಟುಕೊಳ್ಳಲಾಗಿದೆ ಎಂದರು. ನಮ್ಮ ಮುಂದೆ ಸೈಬರ್ ಅಪರಾಧಗಳ ಸವಾಲಿದೆ, ದಿಟ್ಟವಾಗಿ ಎದುರಿಸುತ್ತಿದ್ದೇವೆ. ಬೆಂಗಳೂರಿಗೆ
↪ ಪುಟ 3
